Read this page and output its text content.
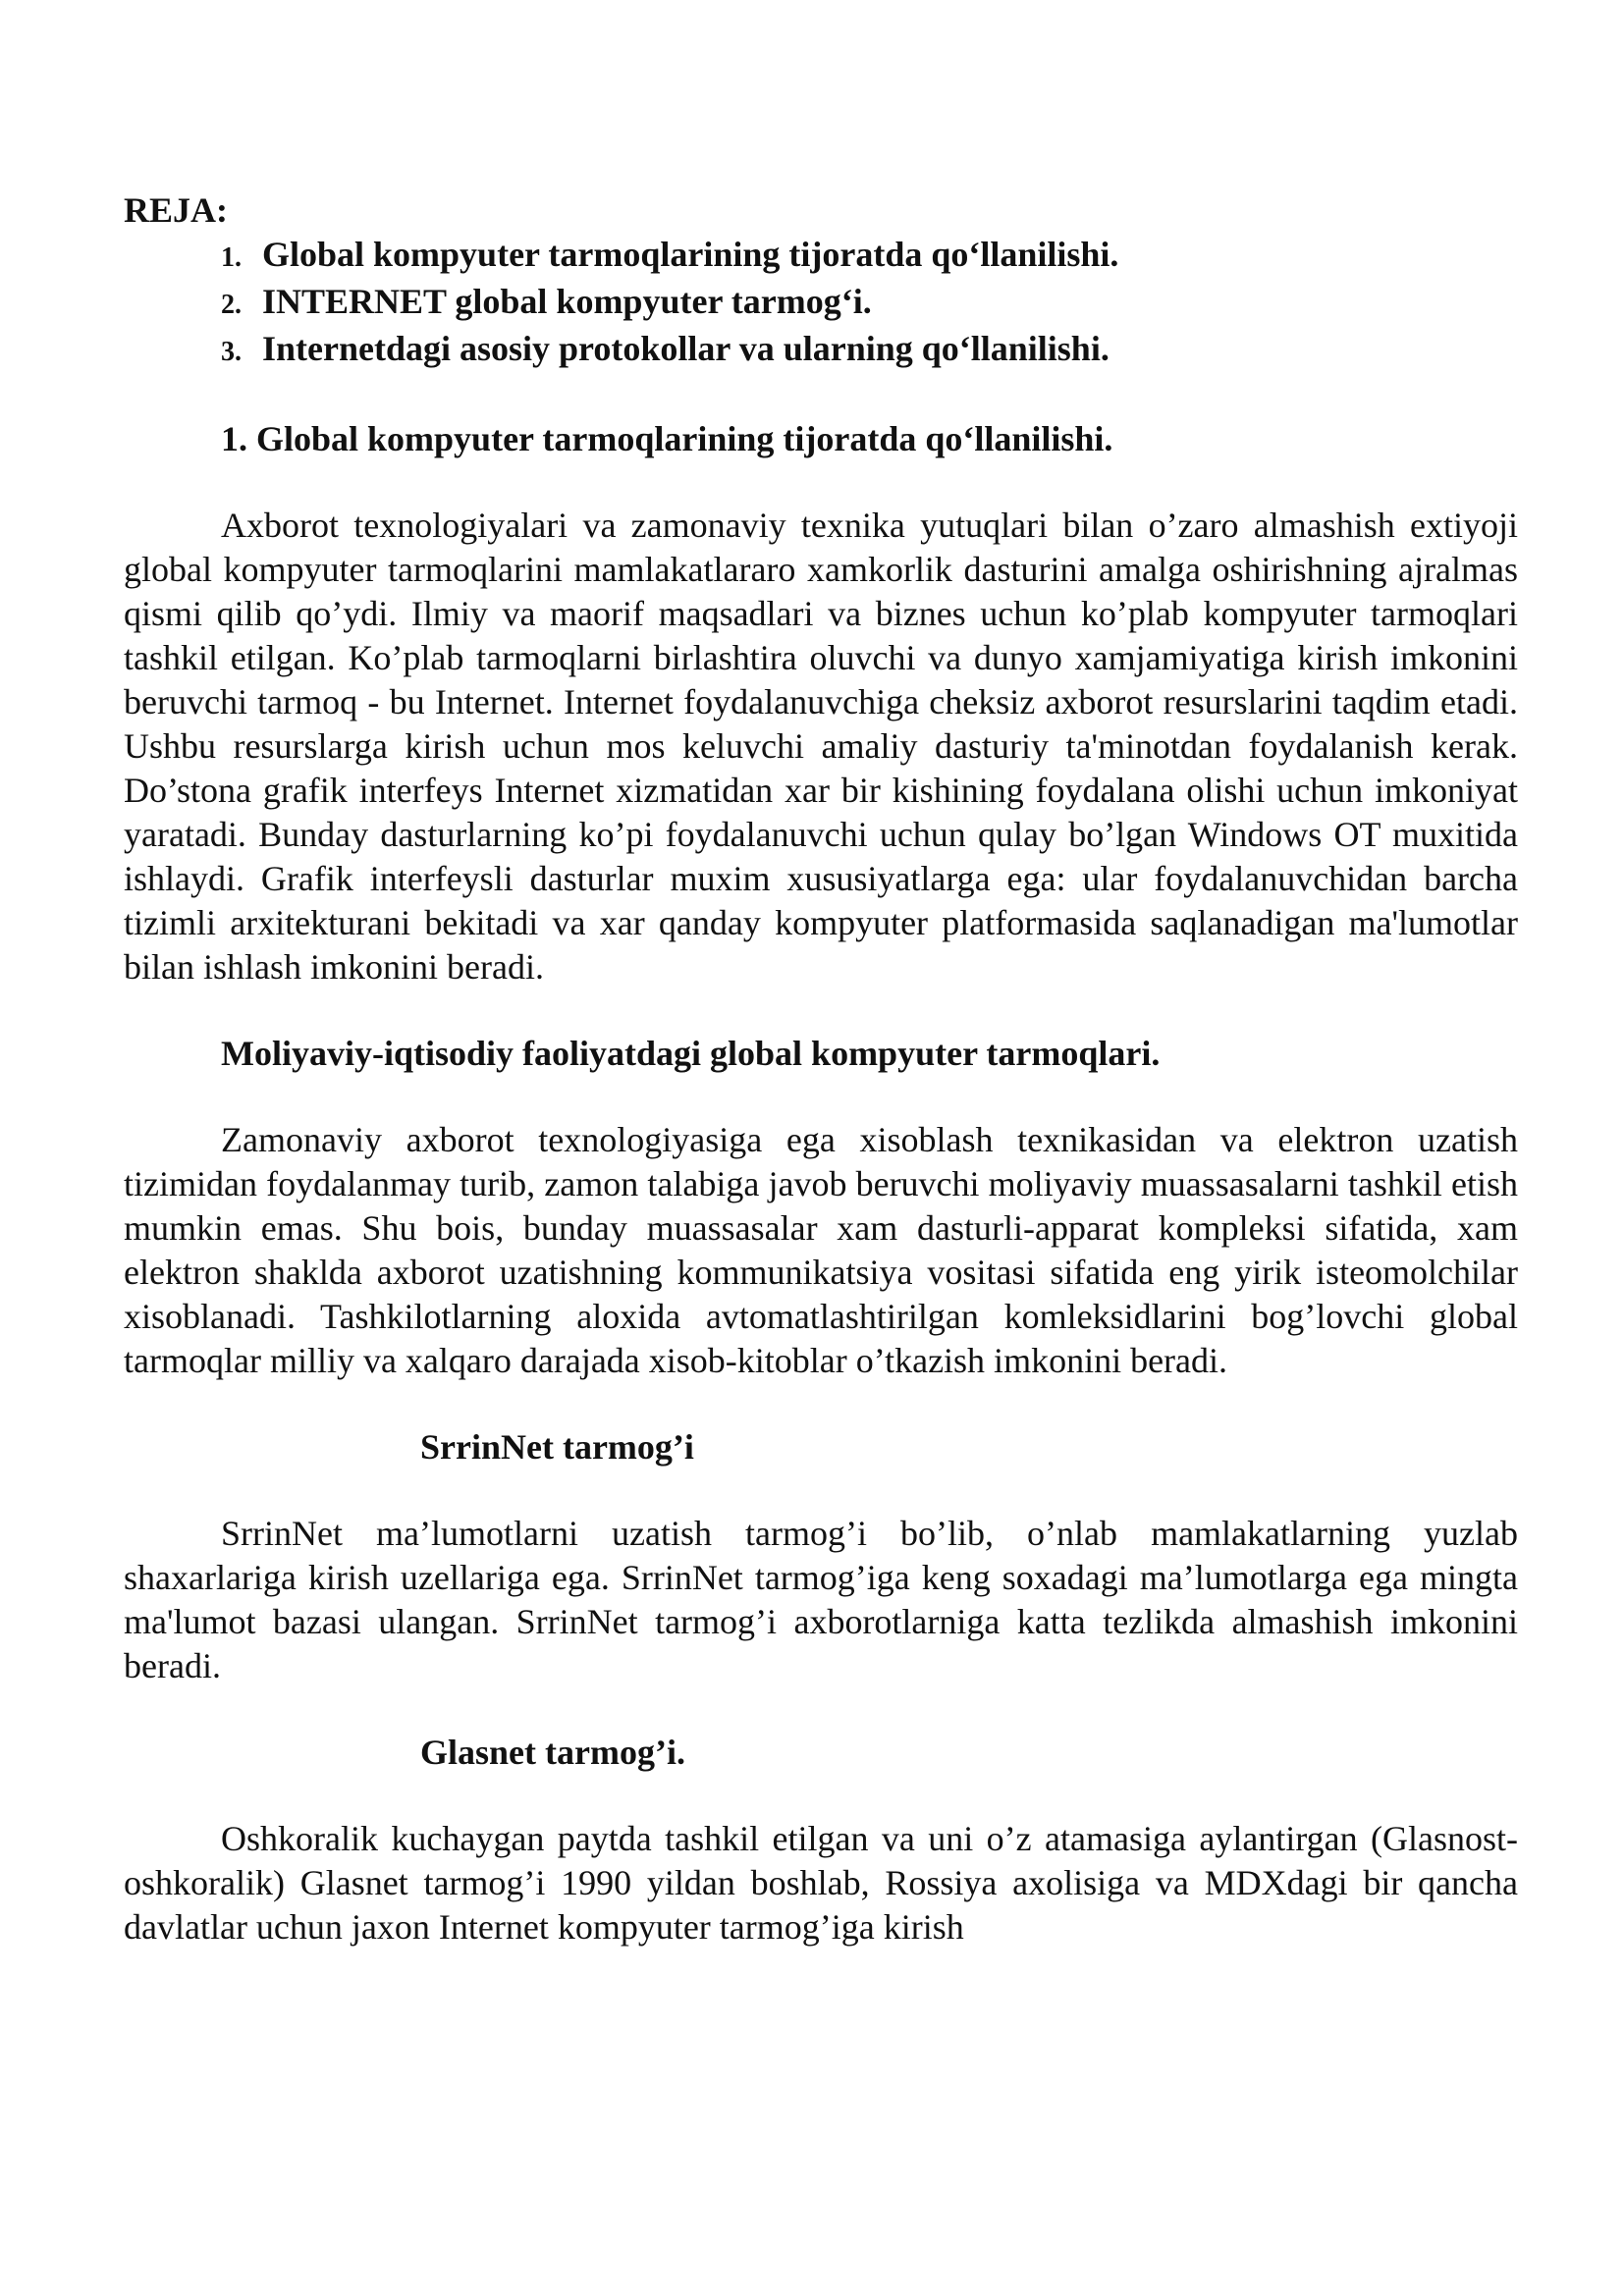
REJA:

1. Global kompyuter tarmoqlarining tijoratda qo‘llanilishi.
2. INTERNET global kompyuter tarmog‘i.
3. Internetdagi asosiy protokollar va ularning qo‘llanilishi.

1. Global kompyuter tarmoqlarining tijoratda qo‘llanilishi.

Axborot texnologiyalari va zamonaviy texnika yutuqlari bilan o’zaro almashish extiyoji global kompyuter tarmoqlarini mamlakatlararo xamkorlik dasturini amalga oshirishning ajralmas qismi qilib qo’ydi. Ilmiy va maorif maqsadlari va biznes uchun ko’plab kompyuter tarmoqlari tashkil etilgan. Ko’plab tarmoqlarni birlashtira oluvchi va dunyo xamjamiyatiga kirish imkonini beruvchi tarmoq - bu Internet. Internet foydalanuvchiga cheksiz axborot resurslarini taqdim etadi. Ushbu resurslarga kirish uchun mos keluvchi amaliy dasturiy ta'minotdan foydalanish kerak. Do’stona grafik interfeys Internet xizmatidan xar bir kishining foydalana olishi uchun imkoniyat yaratadi. Bunday dasturlarning ko’pi foydalanuvchi uchun qulay bo’lgan Windows OT muxitida ishlaydi. Grafik interfeysli dasturlar muxim xususiyatlarga ega: ular foydalanuvchidan barcha tizimli arxitekturani bekitadi va xar qanday kompyuter platformasida saqlanadigan ma'lumotlar bilan ishlash imkonini beradi.

Moliyaviy-iqtisodiy faoliyatdagi global kompyuter tarmoqlari.

Zamonaviy axborot texnologiyasiga ega xisoblash texnikasidan va elektron uzatish tizimidan foydalanmay turib, zamon talabiga javob beruvchi moliyaviy muassasalarni tashkil etish mumkin emas. Shu bois, bunday muassasalar xam dasturli-apparat kompleksi sifatida, xam elektron shaklda axborot uzatishning kommunikatsiya vositasi sifatida eng yirik isteomolchilar xisoblanadi. Tashkilotlarning aloxida avtomatlashtirilgan komleksidlarini bog’lovchi global tarmoqlar milliy va xalqaro darajada xisob-kitoblar o’tkazish imkonini beradi.

SrrinNet tarmog’i

SrrinNet ma’lumotlarni uzatish tarmog’i bo’lib, o’nlab mamlakatlarning yuzlab shaxarlariga kirish uzellariga ega. SrrinNet tarmog’iga keng soxadagi ma’lumotlarga ega mingta ma'lumot bazasi ulangan. SrrinNet tarmog’i axborotlarniga katta tezlikda almashish imkonini beradi.

Glasnet tarmog’i.

Oshkoralik kuchaygan paytda tashkil etilgan va uni o’z atamasiga aylantirgan (Glasnost-oshkoralik) Glasnet tarmog’i 1990 yildan boshlab, Rossiya axolisiga va MDXdagi bir qancha davlatlar uchun jaxon Internet kompyuter tarmog’iga kirish
